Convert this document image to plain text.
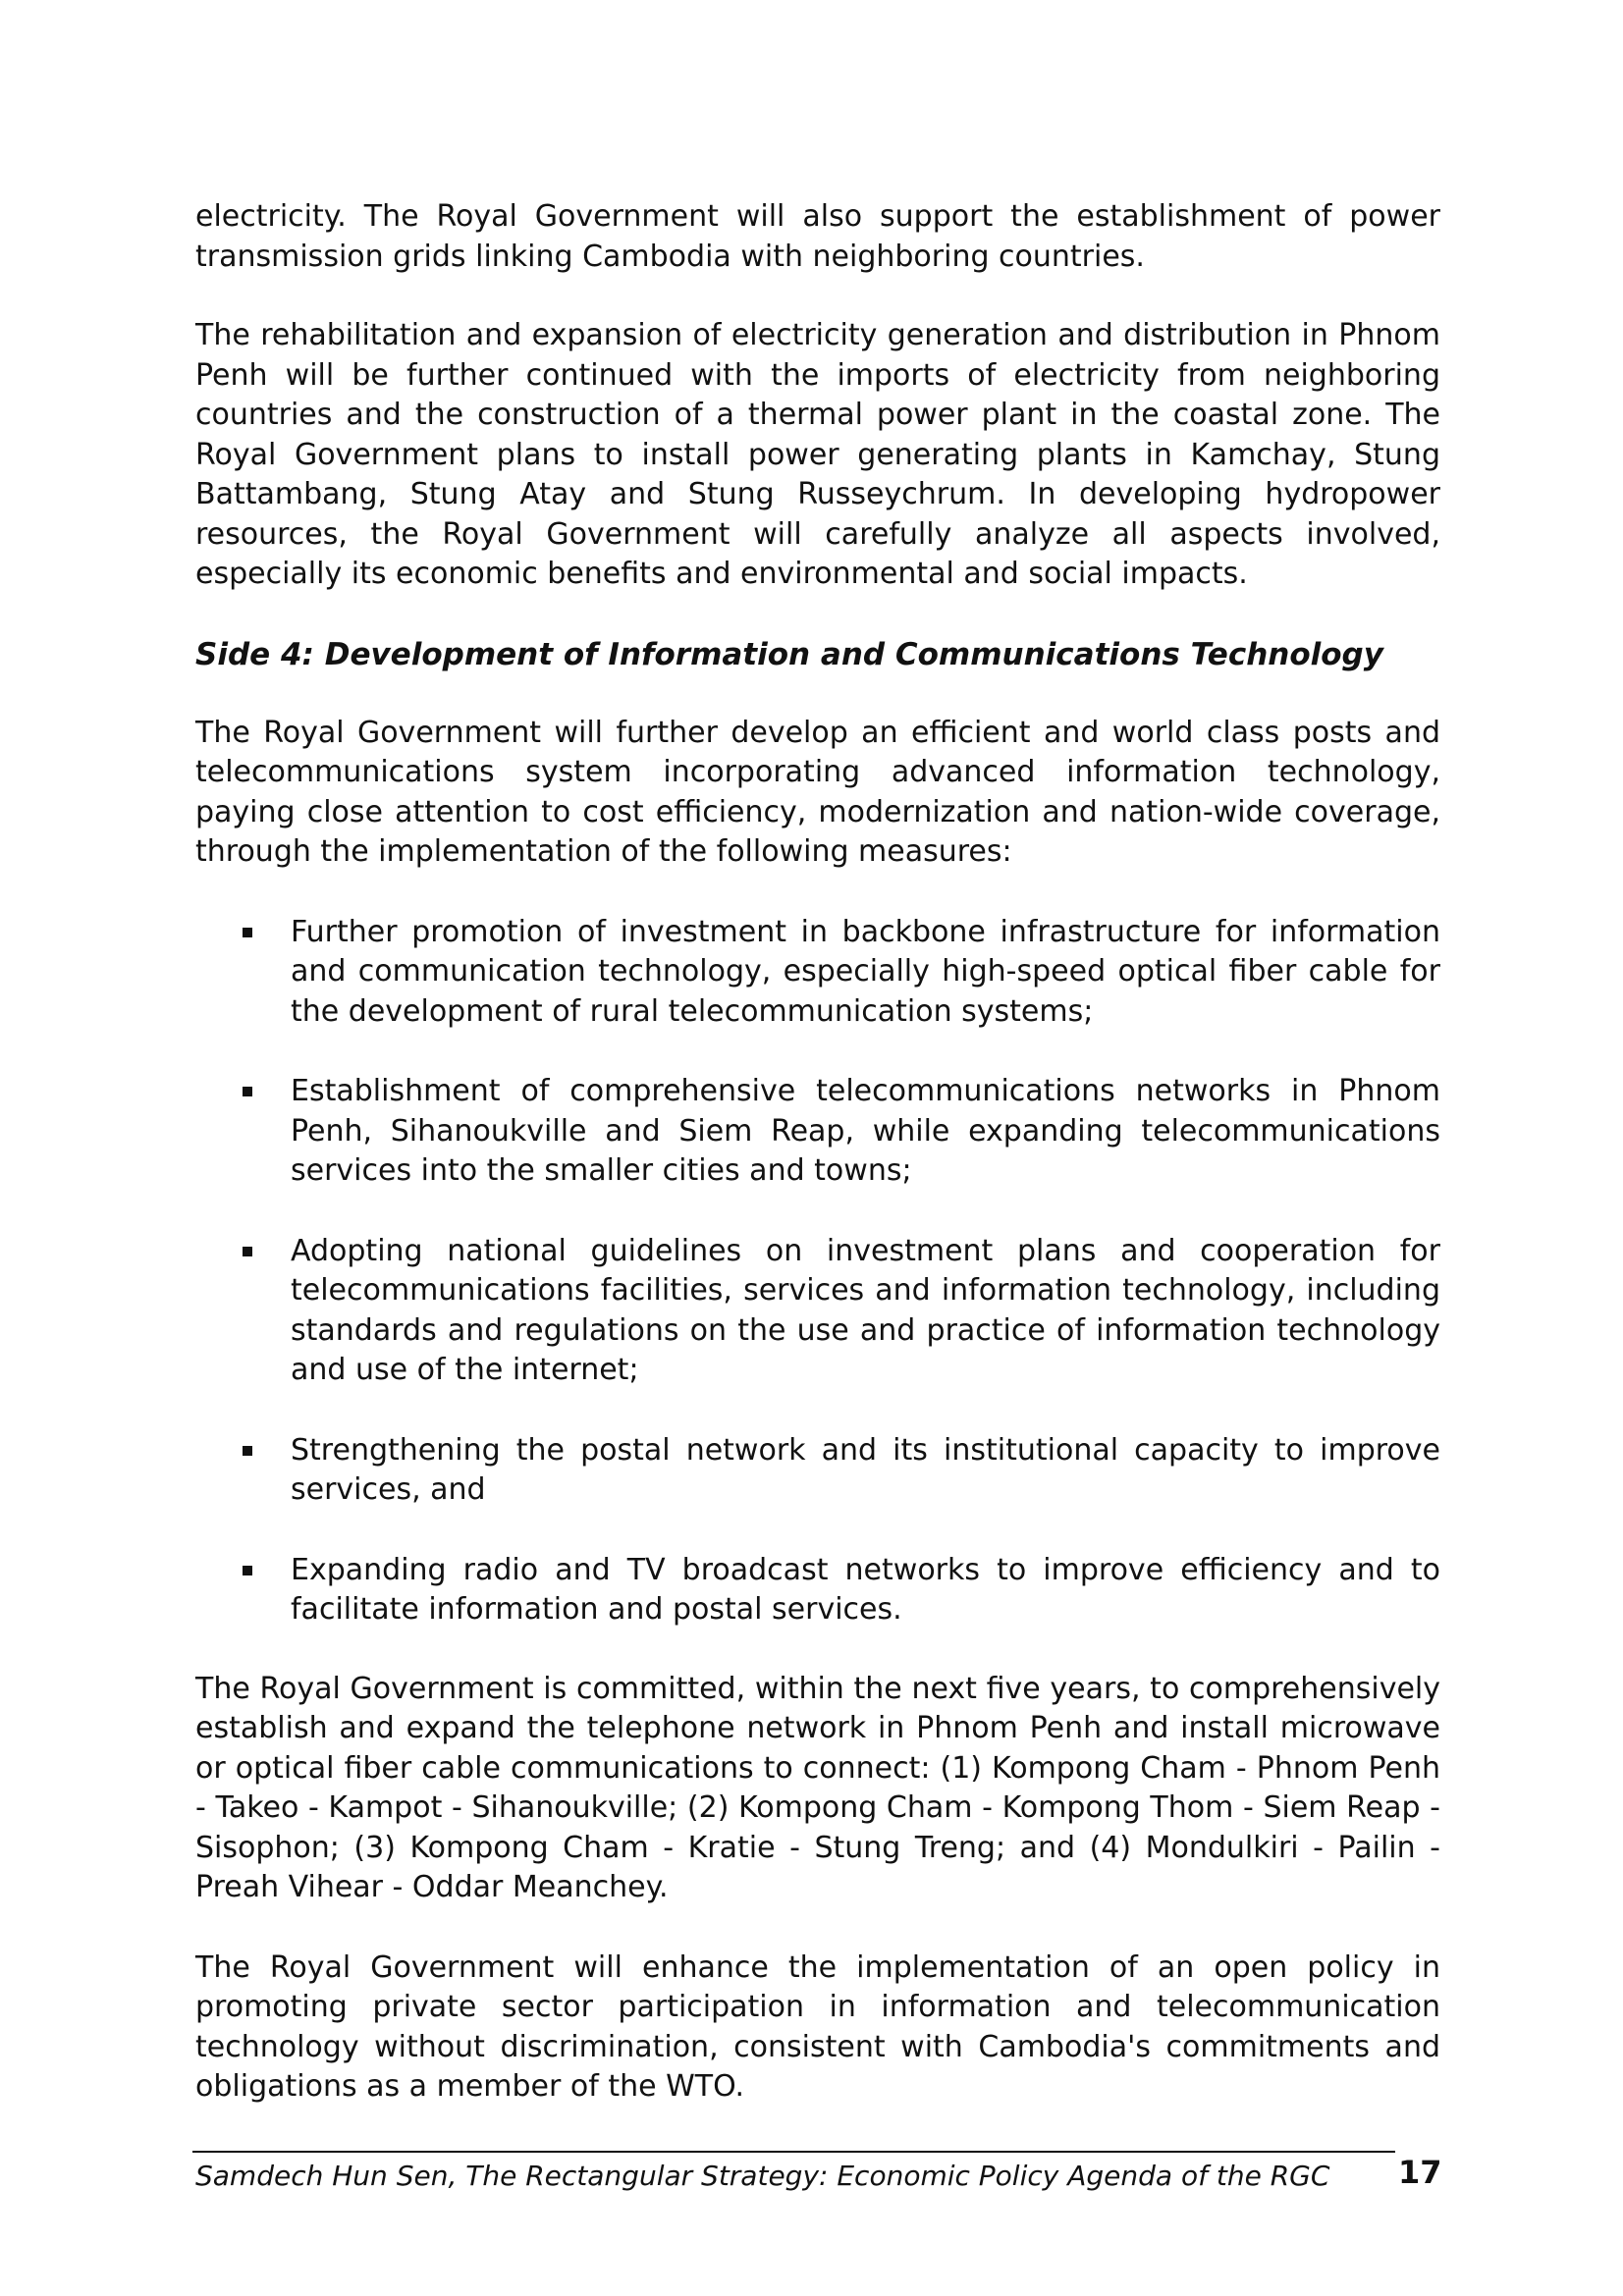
electricity. The Royal Government will also support the establishment of power transmission grids linking Cambodia with neighboring countries.

The rehabilitation and expansion of electricity generation and distribution in Phnom Penh will be further continued with the imports of electricity from neighboring countries and the construction of a thermal power plant in the coastal zone. The Royal Government plans to install power generating plants in Kamchay, Stung Battambang, Stung Atay and Stung Russeychrum. In developing hydropower resources, the Royal Government will carefully analyze all aspects involved, especially its economic benefits and environmental and social impacts.

Side 4: Development of Information and Communications Technology

The Royal Government will further develop an efficient and world class posts and telecommunications system incorporating advanced information technology, paying close attention to cost efficiency, modernization and nation-wide coverage, through the implementation of the following measures:

Further promotion of investment in backbone infrastructure for information and communication technology, especially high-speed optical fiber cable for the development of rural telecommunication systems;
Establishment of comprehensive telecommunications networks in Phnom Penh, Sihanoukville and Siem Reap, while expanding telecommunications services into the smaller cities and towns;
Adopting national guidelines on investment plans and cooperation for telecommunications facilities, services and information technology, including standards and regulations on the use and practice of information technology and use of the internet;
Strengthening the postal network and its institutional capacity to improve services, and
Expanding radio and TV broadcast networks to improve efficiency and to facilitate information and postal services.

The Royal Government is committed, within the next five years, to comprehensively establish and expand the telephone network in Phnom Penh and install microwave or optical fiber cable communications to connect: (1) Kompong Cham - Phnom Penh - Takeo - Kampot - Sihanoukville; (2) Kompong Cham - Kompong Thom - Siem Reap - Sisophon; (3) Kompong Cham - Kratie - Stung Treng; and (4) Mondulkiri - Pailin - Preah Vihear - Oddar Meanchey.

The Royal Government will enhance the implementation of an open policy in promoting private sector participation in information and telecommunication technology without discrimination, consistent with Cambodia's commitments and obligations as a member of the WTO.

Samdech Hun Sen, The Rectangular Strategy: Economic Policy Agenda of the RGC 17
